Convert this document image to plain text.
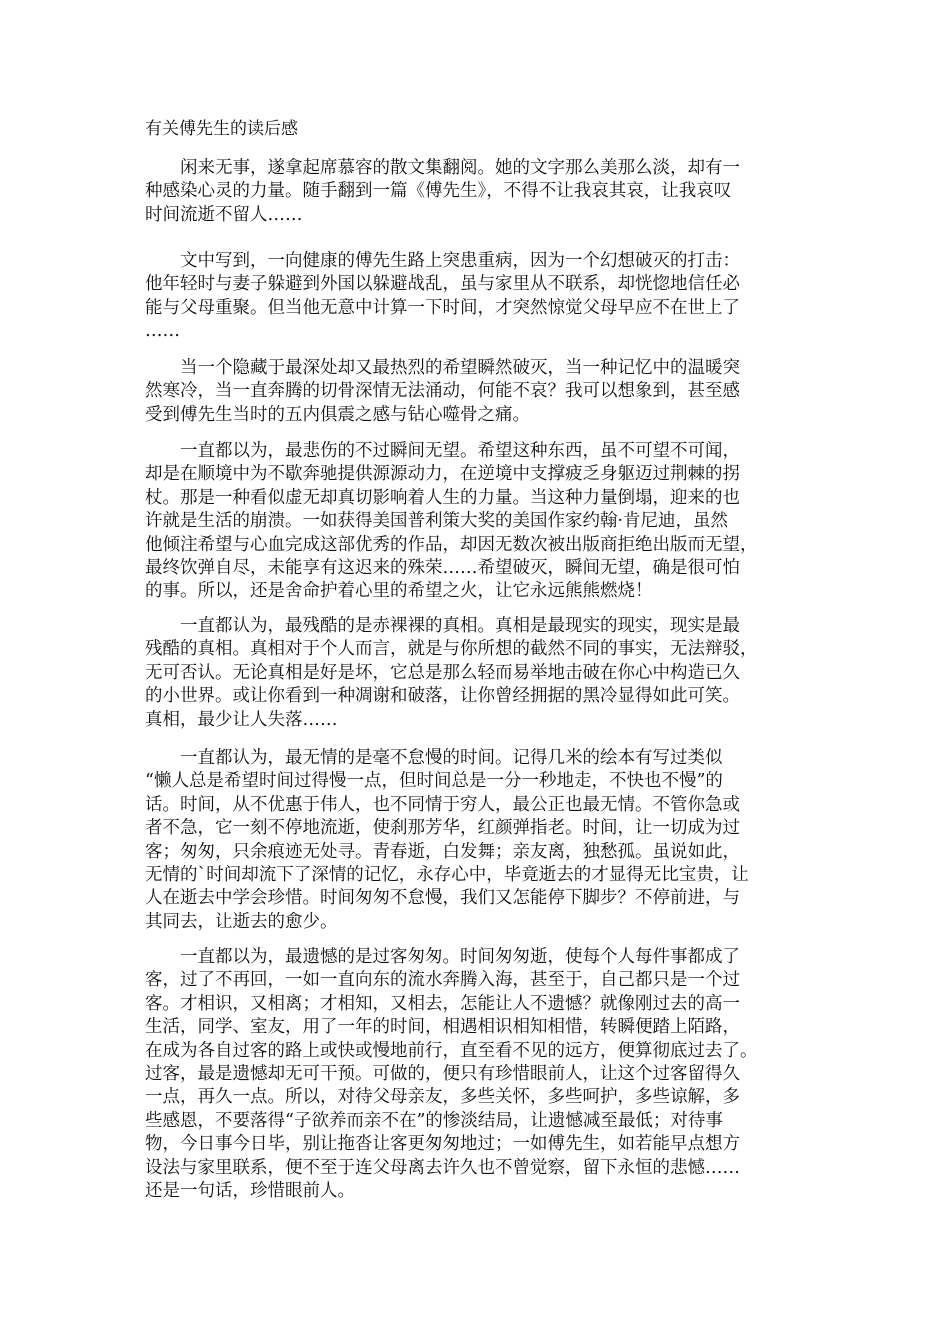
有关傅先生的读后感
　　闲来无事，遂拿起席慕容的散文集翻阅。她的文字那么美那么淡，却有一
种感染心灵的力量。随手翻到一篇《傅先生》，不得不让我哀其哀，让我哀叹
时间流逝不留人……
　　文中写到，一向健康的傅先生路上突患重病，因为一个幻想破灭的打击：
他年轻时与妻子躲避到外国以躲避战乱，虽与家里从不联系，却恍惚地信任必
能与父母重聚。但当他无意中计算一下时间，才突然惊觉父母早应不在世上了
……
　　当一个隐藏于最深处却又最热烈的希望瞬然破灭，当一种记忆中的温暖突
然寒冷，当一直奔腾的切骨深情无法涌动，何能不哀？我可以想象到，甚至感
受到傅先生当时的五内俱震之感与钻心噬骨之痛。
　　一直都以为，最悲伤的不过瞬间无望。希望这种东西，虽不可望不可闻，
却是在顺境中为不歇奔驰提供源源动力，在逆境中支撑疲乏身躯迈过荆棘的拐
杖。那是一种看似虚无却真切影响着人生的力量。当这种力量倒塌，迎来的也
许就是生活的崩溃。一如获得美国普利策大奖的美国作家约翰·肯尼迪，虽然
他倾注希望与心血完成这部优秀的作品，却因无数次被出版商拒绝出版而无望，
最终饮弹自尽，未能享有这迟来的殊荣……希望破灭，瞬间无望，确是很可怕
的事。所以，还是舍命护着心里的希望之火，让它永远熊熊燃烧！
　　一直都认为，最残酷的是赤裸裸的真相。真相是最现实的现实，现实是最
残酷的真相。真相对于个人而言，就是与你所想的截然不同的事实，无法辩驳，
无可否认。无论真相是好是坏，它总是那么轻而易举地击破在你心中构造已久
的小世界。或让你看到一种凋谢和破落，让你曾经拥据的黑冷显得如此可笑。
真相，最少让人失落……
　　一直都认为，最无情的是毫不怠慢的时间。记得几米的绘本有写过类似
“懒人总是希望时间过得慢一点，但时间总是一分一秒地走，不快也不慢”的
话。时间，从不优惠于伟人，也不同情于穷人，最公正也最无情。不管你急或
者不急，它一刻不停地流逝，使刹那芳华，红颜弹指老。时间，让一切成为过
客；匆匆，只余痕迹无处寻。青春逝，白发舞；亲友离，独愁孤。虽说如此，
无情的`时间却流下了深情的记忆，永存心中，毕竟逝去的才显得无比宝贵，让
人在逝去中学会珍惜。时间匆匆不怠慢，我们又怎能停下脚步？不停前进，与
其同去，让逝去的愈少。
　　一直都以为，最遗憾的是过客匆匆。时间匆匆逝，使每个人每件事都成了
客，过了不再回，一如一直向东的流水奔腾入海，甚至于，自己都只是一个过
客。才相识，又相离；才相知，又相去，怎能让人不遗憾？就像刚过去的高一
生活，同学、室友，用了一年的时间，相遇相识相知相惜，转瞬便踏上陌路，
在成为各自过客的路上或快或慢地前行，直至看不见的远方，便算彻底过去了。
过客，最是遗憾却无可干预。可做的，便只有珍惜眼前人，让这个过客留得久
一点，再久一点。所以，对待父母亲友，多些关怀，多些呵护，多些谅解，多
些感恩，不要落得“子欲养而亲不在”的惨淡结局，让遗憾减至最低；对待事
物，今日事今日毕，别让拖沓让客更匆匆地过；一如傅先生，如若能早点想方
设法与家里联系，便不至于连父母离去许久也不曾觉察，留下永恒的悲憾……
还是一句话，珍惜眼前人。
